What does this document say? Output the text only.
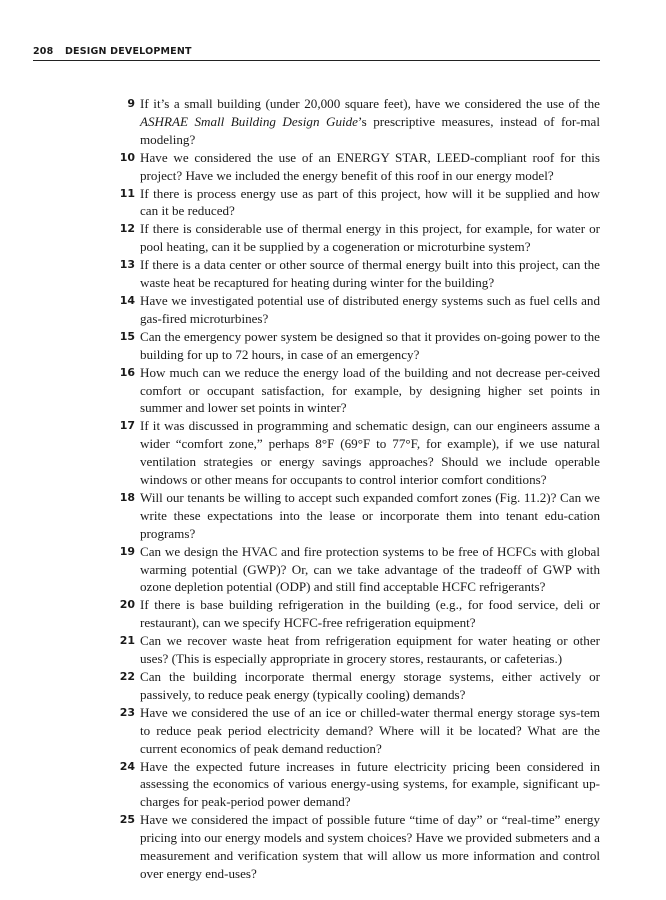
208 DESIGN DEVELOPMENT
9 If it’s a small building (under 20,000 square feet), have we considered the use of the ASHRAE Small Building Design Guide’s prescriptive measures, instead of for-mal modeling?
10 Have we considered the use of an ENERGY STAR, LEED-compliant roof for this project? Have we included the energy benefit of this roof in our energy model?
11 If there is process energy use as part of this project, how will it be supplied and how can it be reduced?
12 If there is considerable use of thermal energy in this project, for example, for water or pool heating, can it be supplied by a cogeneration or microturbine system?
13 If there is a data center or other source of thermal energy built into this project, can the waste heat be recaptured for heating during winter for the building?
14 Have we investigated potential use of distributed energy systems such as fuel cells and gas-fired microturbines?
15 Can the emergency power system be designed so that it provides on-going power to the building for up to 72 hours, in case of an emergency?
16 How much can we reduce the energy load of the building and not decrease per-ceived comfort or occupant satisfaction, for example, by designing higher set points in summer and lower set points in winter?
17 If it was discussed in programming and schematic design, can our engineers assume a wider “comfort zone,” perhaps 8°F (69°F to 77°F, for example), if we use natural ventilation strategies or energy savings approaches? Should we include operable windows or other means for occupants to control interior comfort conditions?
18 Will our tenants be willing to accept such expanded comfort zones (Fig. 11.2)? Can we write these expectations into the lease or incorporate them into tenant edu-cation programs?
19 Can we design the HVAC and fire protection systems to be free of HCFCs with global warming potential (GWP)? Or, can we take advantage of the tradeoff of GWP with ozone depletion potential (ODP) and still find acceptable HCFC refrigerants?
20 If there is base building refrigeration in the building (e.g., for food service, deli or restaurant), can we specify HCFC-free refrigeration equipment?
21 Can we recover waste heat from refrigeration equipment for water heating or other uses? (This is especially appropriate in grocery stores, restaurants, or cafeterias.)
22 Can the building incorporate thermal energy storage systems, either actively or passively, to reduce peak energy (typically cooling) demands?
23 Have we considered the use of an ice or chilled-water thermal energy storage sys-tem to reduce peak period electricity demand? Where will it be located? What are the current economics of peak demand reduction?
24 Have the expected future increases in future electricity pricing been considered in assessing the economics of various energy-using systems, for example, significant up-charges for peak-period power demand?
25 Have we considered the impact of possible future “time of day” or “real-time” energy pricing into our energy models and system choices? Have we provided submeters and a measurement and verification system that will allow us more information and control over energy end-uses?
